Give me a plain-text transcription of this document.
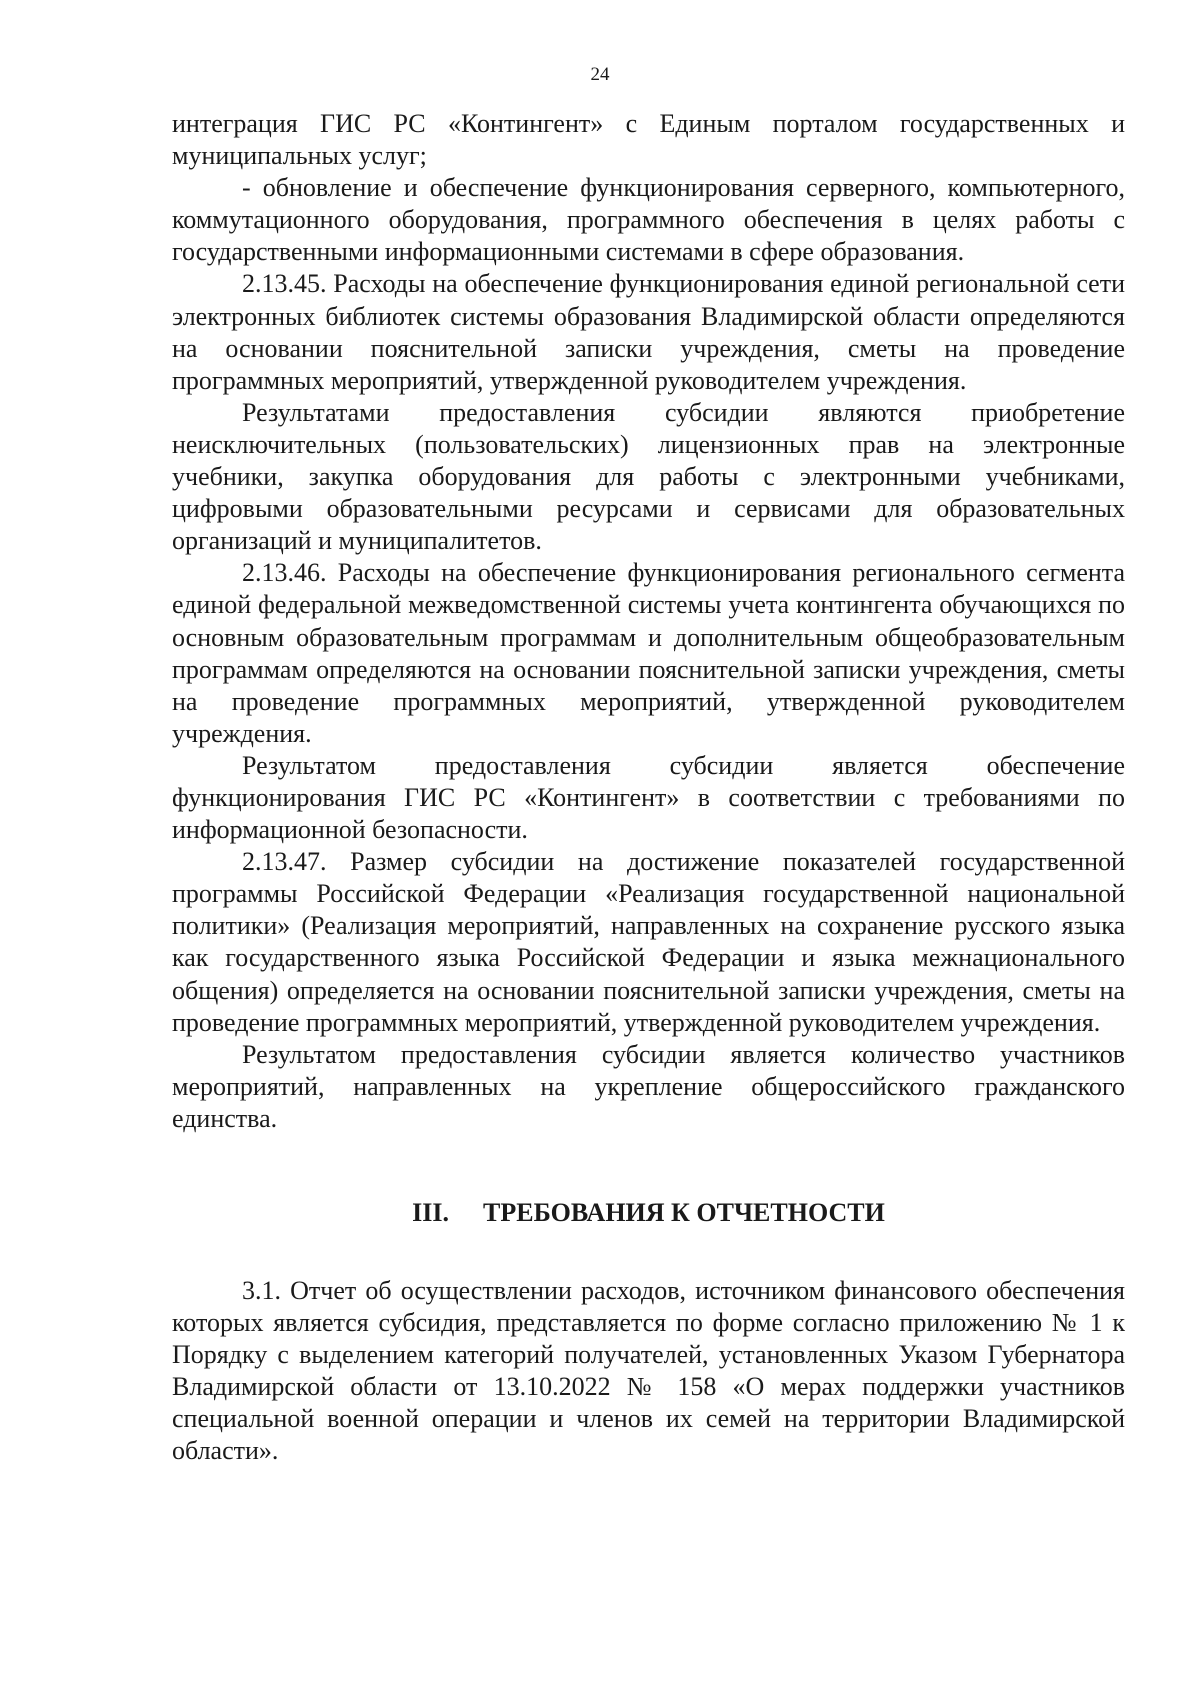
24

интеграция ГИС РС «Контингент» с Единым порталом государственных и муниципальных услуг;

- обновление и обеспечение функционирования серверного, компьютерного, коммутационного оборудования, программного обеспечения в целях работы с государственными информационными системами в сфере образования.

2.13.45. Расходы на обеспечение функционирования единой региональной сети электронных библиотек системы образования Владимирской области определяются на основании пояснительной записки учреждения, сметы на проведение программных мероприятий, утвержденной руководителем учреждения.

Результатами предоставления субсидии являются приобретение неисключительных (пользовательских) лицензионных прав на электронные учебники, закупка оборудования для работы с электронными учебниками, цифровыми образовательными ресурсами и сервисами для образовательных организаций и муниципалитетов.

2.13.46. Расходы на обеспечение функционирования регионального сегмента единой федеральной межведомственной системы учета контингента обучающихся по основным образовательным программам и дополнительным общеобразовательным программам определяются на основании пояснительной записки учреждения, сметы на проведение программных мероприятий, утвержденной руководителем учреждения.

Результатом предоставления субсидии является обеспечение функционирования ГИС РС «Контингент» в соответствии с требованиями по информационной безопасности.

2.13.47. Размер субсидии на достижение показателей государственной программы Российской Федерации «Реализация государственной национальной политики» (Реализация мероприятий, направленных на сохранение русского языка как государственного языка Российской Федерации и языка межнационального общения) определяется на основании пояснительной записки учреждения, сметы на проведение программных мероприятий, утвержденной руководителем учреждения.

Результатом предоставления субсидии является количество участников мероприятий, направленных на укрепление общероссийского гражданского единства.

III. ТРЕБОВАНИЯ К ОТЧЕТНОСТИ

3.1. Отчет об осуществлении расходов, источником финансового обеспечения которых является субсидия, представляется по форме согласно приложению № 1 к Порядку с выделением категорий получателей, установленных Указом Губернатора Владимирской области от 13.10.2022 № 158 «О мерах поддержки участников специальной военной операции и членов их семей на территории Владимирской области».
